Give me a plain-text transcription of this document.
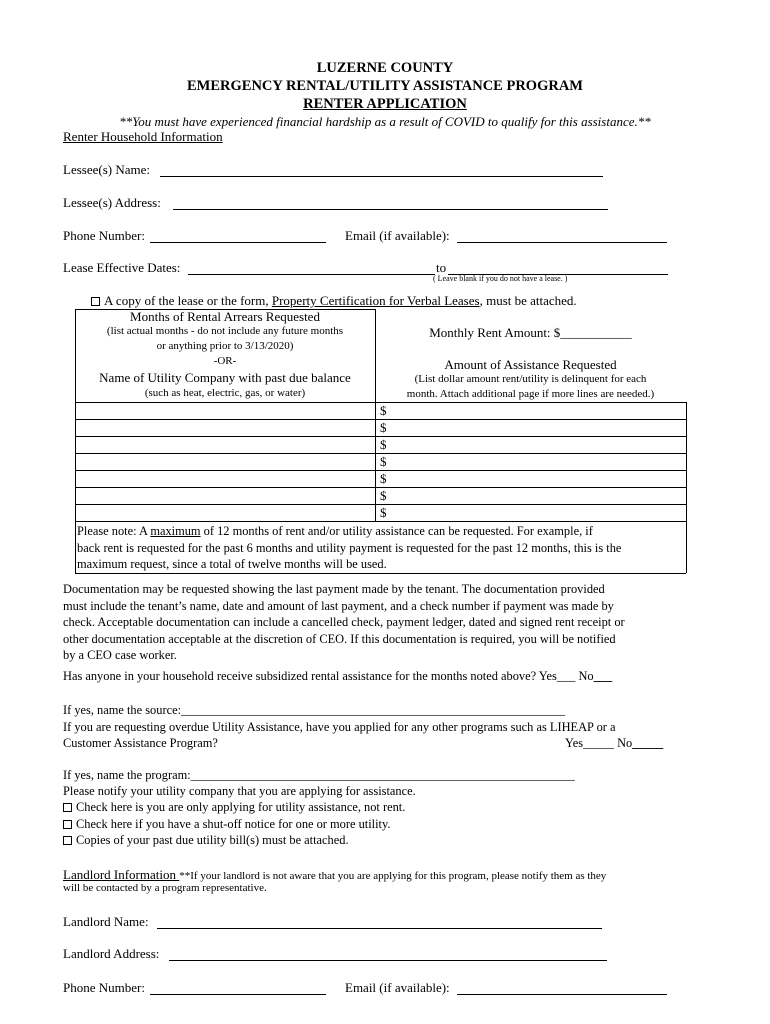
LUZERNE COUNTY
EMERGENCY RENTAL/UTILITY ASSISTANCE PROGRAM
RENTER APPLICATION
**You must have experienced financial hardship as a result of COVID to qualify for this assistance.**
Renter Household Information
Lessee(s) Name:
Lessee(s) Address:
Phone Number:	Email (if available):
Lease Effective Dates:	to
( Leave blank if you do not have a lease. )
A copy of the lease or the form, Property Certification for Verbal Leases, must be attached.
Months of Rental Arrears Requested
(list actual months - do not include any future months
or anything prior to 3/13/2020)
-OR-
Name of Utility Company with past due balance
(such as heat, electric, gas, or water)
Monthly Rent Amount: $___________
Amount of Assistance Requested
(List dollar amount rent/utility is delinquent for each
month. Attach additional page if more lines are needed.)
$
$
$
$
$
$
$
Please note: A maximum of 12 months of rent and/or utility assistance can be requested. For example, if
back rent is requested for the past 6 months and utility payment is requested for the past 12 months, this is the
maximum request, since a total of twelve months will be used.
Documentation may be requested showing the last payment made by the tenant. The documentation provided
must include the tenant’s name, date and amount of last payment, and a check number if payment was made by
check. Acceptable documentation can include a cancelled check, payment ledger, dated and signed rent receipt or
other documentation acceptable at the discretion of CEO. If this documentation is required, you will be notified
by a CEO case worker.
Has anyone in your household receive subsidized rental assistance for the months noted above? Yes___ No___
If yes, name the source:______________________________________________________________
If you are requesting overdue Utility Assistance, have you applied for any other programs such as LIHEAP or a
Customer Assistance Program?	Yes_____ No_____
If yes, name the program:______________________________________________________________
Please notify your utility company that you are applying for assistance.
Check here is you are only applying for utility assistance, not rent.
Check here if you have a shut-off notice for one or more utility.
Copies of your past due utility bill(s) must be attached.
Landlord Information **If your landlord is not aware that you are applying for this program, please notify them as they
will be contacted by a program representative.
Landlord Name:
Landlord Address:
Phone Number:	Email (if available):
